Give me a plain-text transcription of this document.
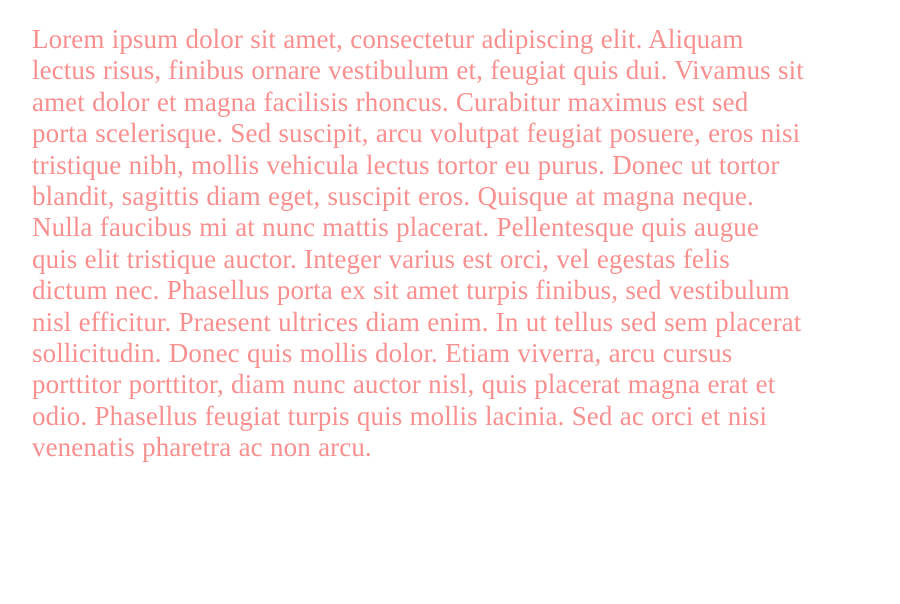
Lorem ipsum dolor sit amet, consectetur adipiscing elit. Aliquam lectus risus, finibus ornare vestibulum et, feugiat quis dui. Vivamus sit amet dolor et magna facilisis rhoncus. Curabitur maximus est sed porta scelerisque. Sed suscipit, arcu volutpat feugiat posuere, eros nisi tristique nibh, mollis vehicula lectus tortor eu purus. Donec ut tortor blandit, sagittis diam eget, suscipit eros. Quisque at magna neque. Nulla faucibus mi at nunc mattis placerat. Pellentesque quis augue quis elit tristique auctor. Integer varius est orci, vel egestas felis dictum nec. Phasellus porta ex sit amet turpis finibus, sed vestibulum nisl efficitur. Praesent ultrices diam enim. In ut tellus sed sem placerat sollicitudin. Donec quis mollis dolor. Etiam viverra, arcu cursus porttitor porttitor, diam nunc auctor nisl, quis placerat magna erat et odio. Phasellus feugiat turpis quis mollis lacinia. Sed ac orci et nisi venenatis pharetra ac non arcu.
